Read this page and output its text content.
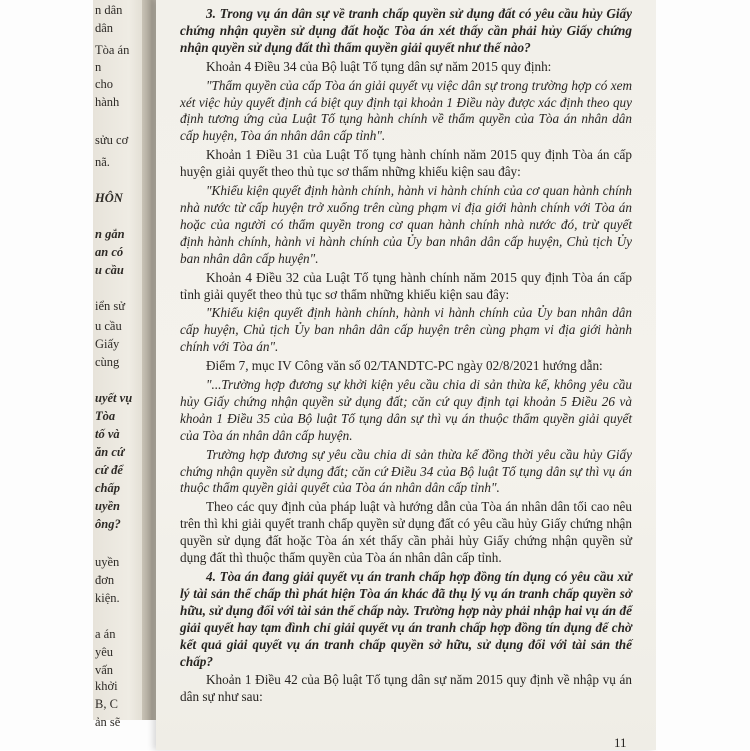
n dân
dân
Tòa án
n
cho
hành
sửu cơ
nã.
HÔN
n gắn
an có
u cầu
iển sử
u cầu
Giấy
cùng
uyết vụ
Tòa
tố và
ăn cứ
cứ để
chấp
uyền
ông?
uyền
đơn
kiện.
a án
yêu
vấn
khởi
B, C
ản sẽ

3. Trong vụ án dân sự về tranh chấp quyền sử dụng đất có yêu cầu hủy Giấy chứng nhận quyền sử dụng đất hoặc Tòa án xét thấy cần phải hủy Giấy chứng nhận quyền sử dụng đất thì thẩm quyền giải quyết như thế nào?

Khoản 4 Điều 34 của Bộ luật Tố tụng dân sự năm 2015 quy định:

"Thẩm quyền của cấp Tòa án giải quyết vụ việc dân sự trong trường hợp có xem xét việc hủy quyết định cá biệt quy định tại khoản 1 Điều này được xác định theo quy định tương ứng của Luật Tố tụng hành chính về thẩm quyền của Tòa án nhân dân cấp huyện, Tòa án nhân dân cấp tỉnh".

Khoản 1 Điều 31 của Luật Tố tụng hành chính năm 2015 quy định Tòa án cấp huyện giải quyết theo thủ tục sơ thẩm những khiếu kiện sau đây:

"Khiếu kiện quyết định hành chính, hành vi hành chính của cơ quan hành chính nhà nước từ cấp huyện trở xuống trên cùng phạm vi địa giới hành chính với Tòa án hoặc của người có thẩm quyền trong cơ quan hành chính nhà nước đó, trừ quyết định hành chính, hành vi hành chính của Ủy ban nhân dân cấp huyện, Chủ tịch Ủy ban nhân dân cấp huyện".

Khoản 4 Điều 32 của Luật Tố tụng hành chính năm 2015 quy định Tòa án cấp tỉnh giải quyết theo thủ tục sơ thẩm những khiếu kiện sau đây:

"Khiếu kiện quyết định hành chính, hành vi hành chính của Ủy ban nhân dân cấp huyện, Chủ tịch Ủy ban nhân dân cấp huyện trên cùng phạm vi địa giới hành chính với Tòa án".

Điểm 7, mục IV Công văn số 02/TANDTC-PC ngày 02/8/2021 hướng dẫn:

"...Trường hợp đương sự khởi kiện yêu cầu chia di sản thừa kế, không yêu cầu hủy Giấy chứng nhận quyền sử dụng đất; căn cứ quy định tại khoản 5 Điều 26 và khoản 1 Điều 35 của Bộ luật Tố tụng dân sự thì vụ án thuộc thẩm quyền giải quyết của Tòa án nhân dân cấp huyện.

Trường hợp đương sự yêu cầu chia di sản thừa kế đồng thời yêu cầu hủy Giấy chứng nhận quyền sử dụng đất; căn cứ Điều 34 của Bộ luật Tố tụng dân sự thì vụ án thuộc thẩm quyền giải quyết của Tòa án nhân dân cấp tỉnh".

Theo các quy định của pháp luật và hướng dẫn của Tòa án nhân dân tối cao nêu trên thì khi giải quyết tranh chấp quyền sử dụng đất có yêu cầu hủy Giấy chứng nhận quyền sử dụng đất hoặc Tòa án xét thấy cần phải hủy Giấy chứng nhận quyền sử dụng đất thì thuộc thẩm quyền của Tòa án nhân dân cấp tỉnh.

4. Tòa án đang giải quyết vụ án tranh chấp hợp đồng tín dụng có yêu cầu xử lý tài sản thế chấp thì phát hiện Tòa án khác đã thụ lý vụ án tranh chấp quyền sở hữu, sử dụng đối với tài sản thế chấp này. Trường hợp này phải nhập hai vụ án để giải quyết hay tạm đình chỉ giải quyết vụ án tranh chấp hợp đồng tín dụng để chờ kết quả giải quyết vụ án tranh chấp quyền sở hữu, sử dụng đối với tài sản thế chấp?

Khoản 1 Điều 42 của Bộ luật Tố tụng dân sự năm 2015 quy định về nhập vụ án dân sự như sau:

11
